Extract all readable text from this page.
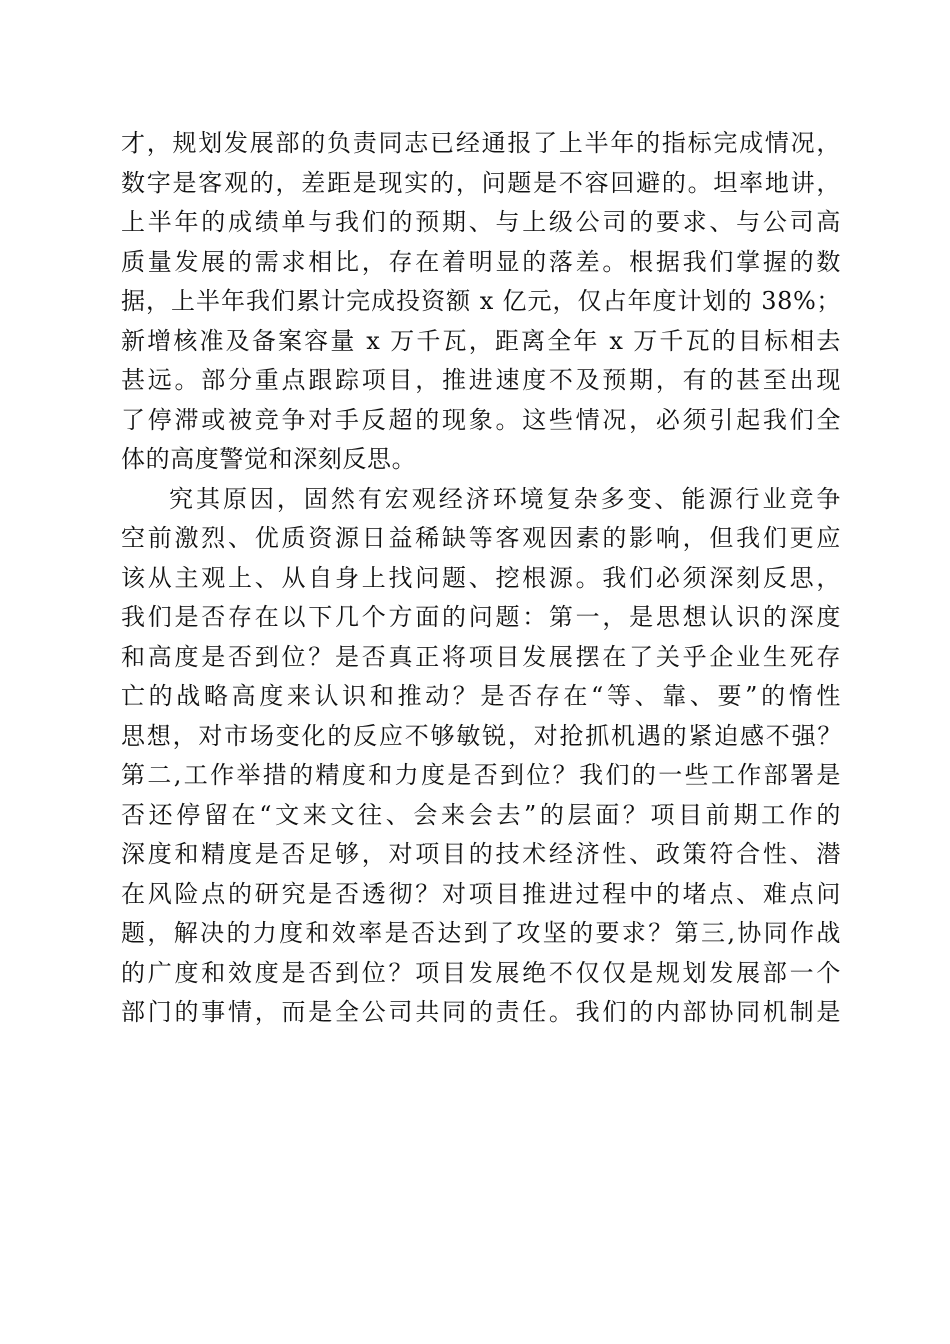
才，规划发展部的负责同志已经通报了上半年的指标完成情况，
数字是客观的，差距是现实的，问题是不容回避的。坦率地讲，
上半年的成绩单与我们的预期、与上级公司的要求、与公司高
质量发展的需求相比，存在着明显的落差。根据我们掌握的数
据，上半年我们累计完成投资额 x 亿元，仅占年度计划的 38%；
新增核准及备案容量 x 万千瓦，距离全年 x 万千瓦的目标相去
甚远。部分重点跟踪项目，推进速度不及预期，有的甚至出现
了停滞或被竞争对手反超的现象。这些情况，必须引起我们全
体的高度警觉和深刻反思。
究其原因，固然有宏观经济环境复杂多变、能源行业竞争
空前激烈、优质资源日益稀缺等客观因素的影响，但我们更应
该从主观上、从自身上找问题、挖根源。我们必须深刻反思，
我们是否存在以下几个方面的问题：第一，是思想认识的深度
和高度是否到位？是否真正将项目发展摆在了关乎企业生死存
亡的战略高度来认识和推动？是否存在“等、靠、要”的惰性
思想，对市场变化的反应不够敏锐，对抢抓机遇的紧迫感不强？
第二,工作举措的精度和力度是否到位？我们的一些工作部署是
否还停留在“文来文往、会来会去”的层面？项目前期工作的
深度和精度是否足够，对项目的技术经济性、政策符合性、潜
在风险点的研究是否透彻？对项目推进过程中的堵点、难点问
题，解决的力度和效率是否达到了攻坚的要求？第三,协同作战
的广度和效度是否到位？项目发展绝不仅仅是规划发展部一个
部门的事情，而是全公司共同的责任。我们的内部协同机制是
